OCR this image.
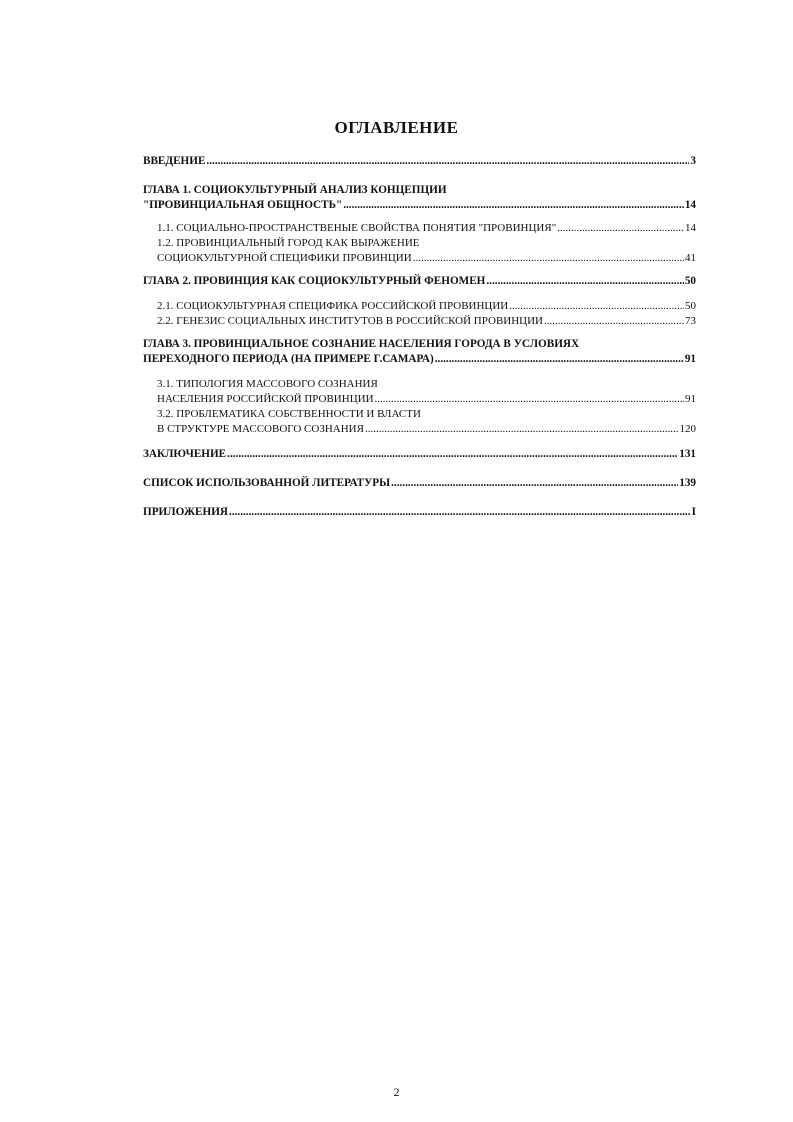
ОГЛАВЛЕНИЕ
ВВЕДЕНИЕ .....	3
ГЛАВА 1. СОЦИОКУЛЬТУРНЫЙ АНАЛИЗ КОНЦЕПЦИИ
"ПРОВИНЦИАЛЬНАЯ ОБЩНОСТЬ" .....	14
1.1. СОЦИАЛЬНО-ПРОСТРАНСТВЕНЫЕ СВОЙСТВА ПОНЯТИЯ "ПРОВИНЦИЯ" .....	14
1.2. ПРОВИНЦИАЛЬНЫЙ ГОРОД КАК ВЫРАЖЕНИЕ
СОЦИОКУЛЬТУРНОЙ СПЕЦИФИКИ ПРОВИНЦИИ .....	41
ГЛАВА 2. ПРОВИНЦИЯ КАК СОЦИОКУЛЬТУРНЫЙ ФЕНОМЕН .....	50
2.1. СОЦИОКУЛЬТУРНАЯ СПЕЦИФИКА РОССИЙСКОЙ ПРОВИНЦИИ .....	50
2.2. ГЕНЕЗИС СОЦИАЛЬНЫХ ИНСТИТУТОВ В РОССИЙСКОЙ ПРОВИНЦИИ .....	73
ГЛАВА 3. ПРОВИНЦИАЛЬНОЕ СОЗНАНИЕ НАСЕЛЕНИЯ ГОРОДА В УСЛОВИЯХ
ПЕРЕХОДНОГО ПЕРИОДА (НА ПРИМЕРЕ Г.САМАРА) .....	91
3.1. ТИПОЛОГИЯ МАССОВОГО СОЗНАНИЯ
НАСЕЛЕНИЯ РОССИЙСКОЙ ПРОВИНЦИИ .....	91
3.2. ПРОБЛЕМАТИКА СОБСТВЕННОСТИ И ВЛАСТИ
В СТРУКТУРЕ МАССОВОГО СОЗНАНИЯ .....	120
ЗАКЛЮЧЕНИЕ .....	131
СПИСОК ИСПОЛЬЗОВАННОЙ ЛИТЕРАТУРЫ .....	139
ПРИЛОЖЕНИЯ .....	I
2
